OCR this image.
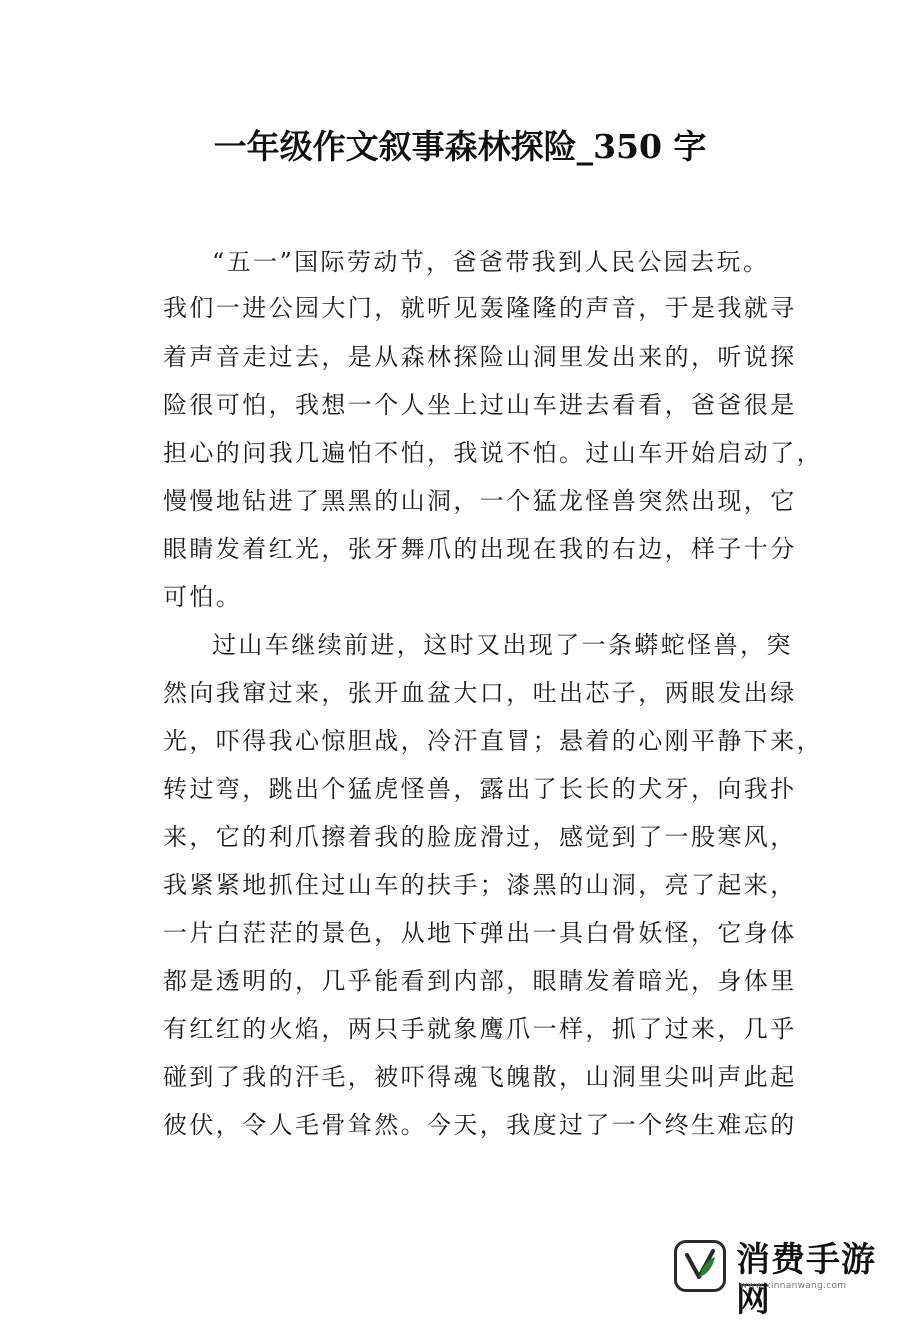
一年级作文叙事森林探险_350 字
“五一”国际劳动节，爸爸带我到人民公园去玩。
我们一进公园大门，就听见轰隆隆的声音，于是我就寻
着声音走过去，是从森林探险山洞里发出来的，听说探
险很可怕，我想一个人坐上过山车进去看看，爸爸很是
担心的问我几遍怕不怕，我说不怕。过山车开始启动了，
慢慢地钻进了黑黑的山洞，一个猛龙怪兽突然出现，它
眼睛发着红光，张牙舞爪的出现在我的右边，样子十分
可怕。
过山车继续前进，这时又出现了一条蟒蛇怪兽，突
然向我窜过来，张开血盆大口，吐出芯子，两眼发出绿
光，吓得我心惊胆战，冷汗直冒；悬着的心刚平静下来，
转过弯，跳出个猛虎怪兽，露出了长长的犬牙，向我扑
来，它的利爪擦着我的脸庞滑过，感觉到了一股寒风，
我紧紧地抓住过山车的扶手；漆黑的山洞，亮了起来，
一片白茫茫的景色，从地下弹出一具白骨妖怪，它身体
都是透明的，几乎能看到内部，眼睛发着暗光，身体里
有红红的火焰，两只手就象鹰爪一样，抓了过来，几乎
碰到了我的汗毛，被吓得魂飞魄散，山洞里尖叫声此起
彼伏，令人毛骨耸然。今天，我度过了一个终生难忘的
消费手游网
www.xinnanwang.com
